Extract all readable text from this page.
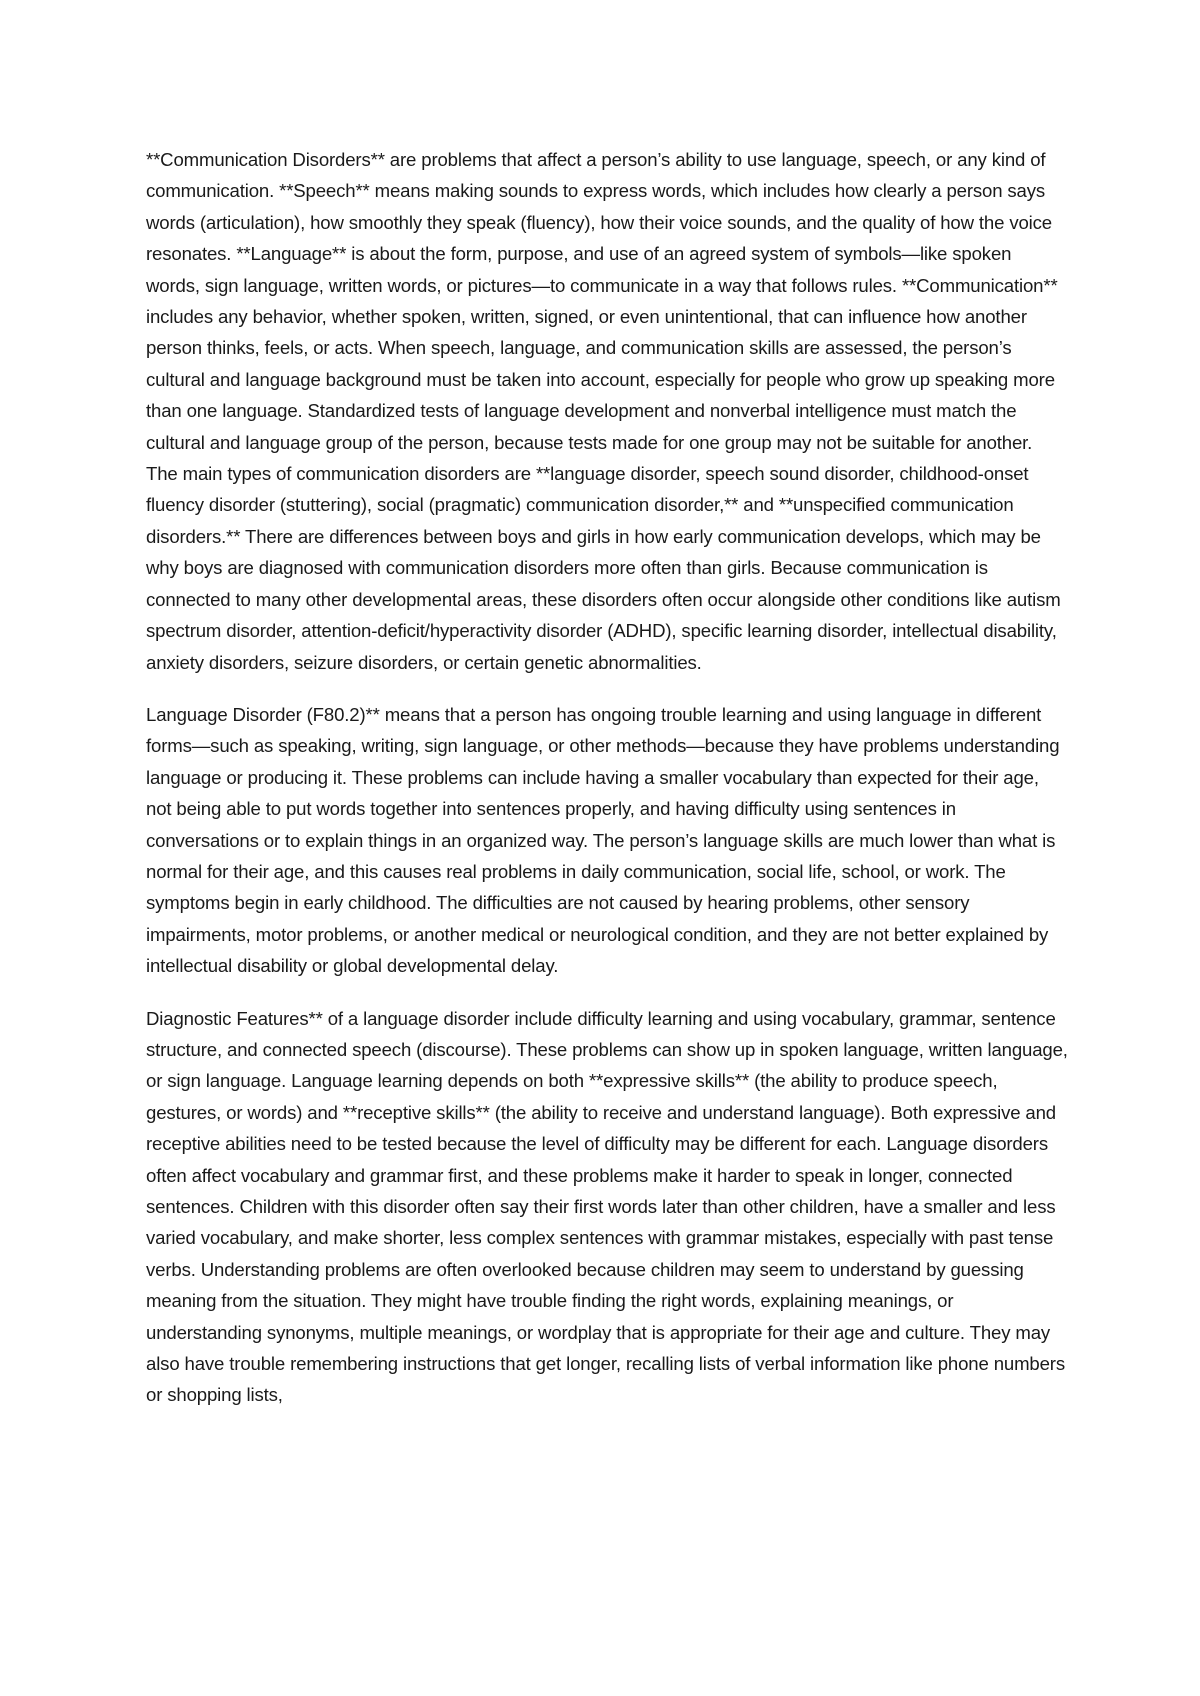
**Communication Disorders** are problems that affect a person’s ability to use language, speech, or any kind of communication. **Speech** means making sounds to express words, which includes how clearly a person says words (articulation), how smoothly they speak (fluency), how their voice sounds, and the quality of how the voice resonates. **Language** is about the form, purpose, and use of an agreed system of symbols—like spoken words, sign language, written words, or pictures—to communicate in a way that follows rules. **Communication** includes any behavior, whether spoken, written, signed, or even unintentional, that can influence how another person thinks, feels, or acts. When speech, language, and communication skills are assessed, the person’s cultural and language background must be taken into account, especially for people who grow up speaking more than one language. Standardized tests of language development and nonverbal intelligence must match the cultural and language group of the person, because tests made for one group may not be suitable for another. The main types of communication disorders are **language disorder, speech sound disorder, childhood-onset fluency disorder (stuttering), social (pragmatic) communication disorder,** and **unspecified communication disorders.** There are differences between boys and girls in how early communication develops, which may be why boys are diagnosed with communication disorders more often than girls. Because communication is connected to many other developmental areas, these disorders often occur alongside other conditions like autism spectrum disorder, attention-deficit/hyperactivity disorder (ADHD), specific learning disorder, intellectual disability, anxiety disorders, seizure disorders, or certain genetic abnormalities.

Language Disorder (F80.2)** means that a person has ongoing trouble learning and using language in different forms—such as speaking, writing, sign language, or other methods—because they have problems understanding language or producing it. These problems can include having a smaller vocabulary than expected for their age, not being able to put words together into sentences properly, and having difficulty using sentences in conversations or to explain things in an organized way. The person’s language skills are much lower than what is normal for their age, and this causes real problems in daily communication, social life, school, or work. The symptoms begin in early childhood. The difficulties are not caused by hearing problems, other sensory impairments, motor problems, or another medical or neurological condition, and they are not better explained by intellectual disability or global developmental delay.

Diagnostic Features** of a language disorder include difficulty learning and using vocabulary, grammar, sentence structure, and connected speech (discourse). These problems can show up in spoken language, written language, or sign language. Language learning depends on both **expressive skills** (the ability to produce speech, gestures, or words) and **receptive skills** (the ability to receive and understand language). Both expressive and receptive abilities need to be tested because the level of difficulty may be different for each. Language disorders often affect vocabulary and grammar first, and these problems make it harder to speak in longer, connected sentences. Children with this disorder often say their first words later than other children, have a smaller and less varied vocabulary, and make shorter, less complex sentences with grammar mistakes, especially with past tense verbs. Understanding problems are often overlooked because children may seem to understand by guessing meaning from the situation. They might have trouble finding the right words, explaining meanings, or understanding synonyms, multiple meanings, or wordplay that is appropriate for their age and culture. They may also have trouble remembering instructions that get longer, recalling lists of verbal information like phone numbers or shopping lists,
